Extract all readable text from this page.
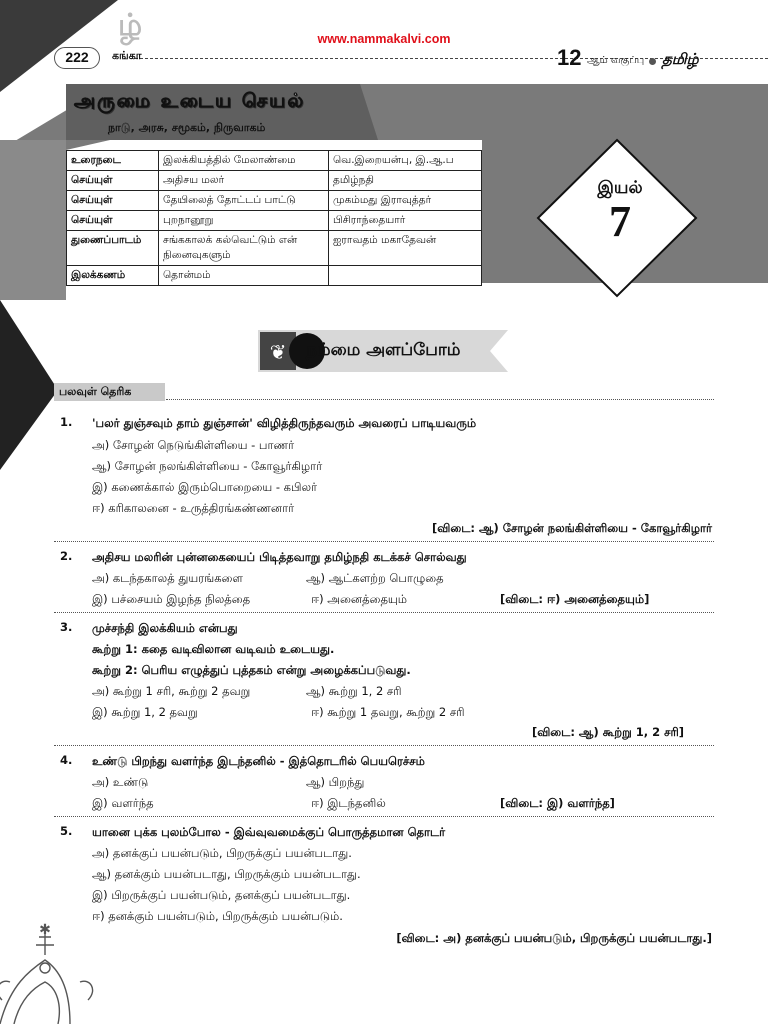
❦
✱
ழ்	www.nammakalvi.com
222	கங்கா	12 ஆம் வகுப்பு தமிழ்
அருமை உடைய செயல்
நாடு, அரசு, சமூகம், நிருவாகம்
உரைநடை	இலக்கியத்தில் மேலாண்மை	வெ.இறையன்பு, இ.ஆ.ப
செய்யுள்	அதிசய மலர்	தமிழ்நதி
செய்யுள்	தேயிலைத் தோட்டப் பாட்டு	முகம்மது இராவுத்தர்
செய்யுள்	புறநானூறு	பிசிராந்தையார்
துணைப்பாடம்	சங்ககாலக் கல்வெட்டும் என் நினைவுகளும்	ஐராவதம் மகாதேவன்
இலக்கணம்	தொன்மம்	
இயல்
7
நம்மை அளப்போம்
பலவுள் தெரிக
1. 'பலர் துஞ்சவும் தாம் துஞ்சான்' விழித்திருந்தவரும் அவரைப் பாடியவரும்
அ) சோழன் நெடுங்கிள்ளியை - பாணர்
ஆ) சோழன் நலங்கிள்ளியை - கோவூர்கிழார்
இ) கணைக்கால் இரும்பொறையை - கபிலர்
ஈ) கரிகாலனை - உருத்திரங்கண்ணனார்
[விடை: ஆ) சோழன் நலங்கிள்ளியை - கோவூர்கிழார்
2. அதிசய மலரின் புன்னகையைப் பிடித்தவாறு தமிழ்நதி கடக்கச் சொல்வது
அ) கடந்தகாலத் துயரங்களை	ஆ) ஆட்களற்ற பொழுதை
இ) பச்சையம் இழந்த நிலத்தை	ஈ) அனைத்தையும்	[விடை: ஈ) அனைத்தையும்]
3. முச்சந்தி இலக்கியம் என்பது
கூற்று 1: கதை வடிவிலான வடிவம் உடையது.
கூற்று 2: பெரிய எழுத்துப் புத்தகம் என்று அழைக்கப்படுவது.
அ) கூற்று 1 சரி, கூற்று 2 தவறு	ஆ) கூற்று 1, 2 சரி
இ) கூற்று 1, 2 தவறு	ஈ) கூற்று 1 தவறு, கூற்று 2 சரி
[விடை: ஆ) கூற்று 1, 2 சரி]
4. உண்டு பிறந்து வளர்ந்த இடந்தனில் - இத்தொடரில் பெயரெச்சம்
அ) உண்டு	ஆ) பிறந்து
இ) வளர்ந்த	ஈ) இடந்தனில்	[விடை: இ) வளர்ந்த]
5. யானை புக்க புலம்போல - இவ்வுவமைக்குப் பொருத்தமான தொடர்
அ) தனக்குப் பயன்படும், பிறருக்குப் பயன்படாது.
ஆ) தனக்கும் பயன்படாது, பிறருக்கும் பயன்படாது.
இ) பிறருக்குப் பயன்படும், தனக்குப் பயன்படாது.
ஈ) தனக்கும் பயன்படும், பிறருக்கும் பயன்படும்.
[விடை: அ) தனக்குப் பயன்படும், பிறருக்குப் பயன்படாது.]
